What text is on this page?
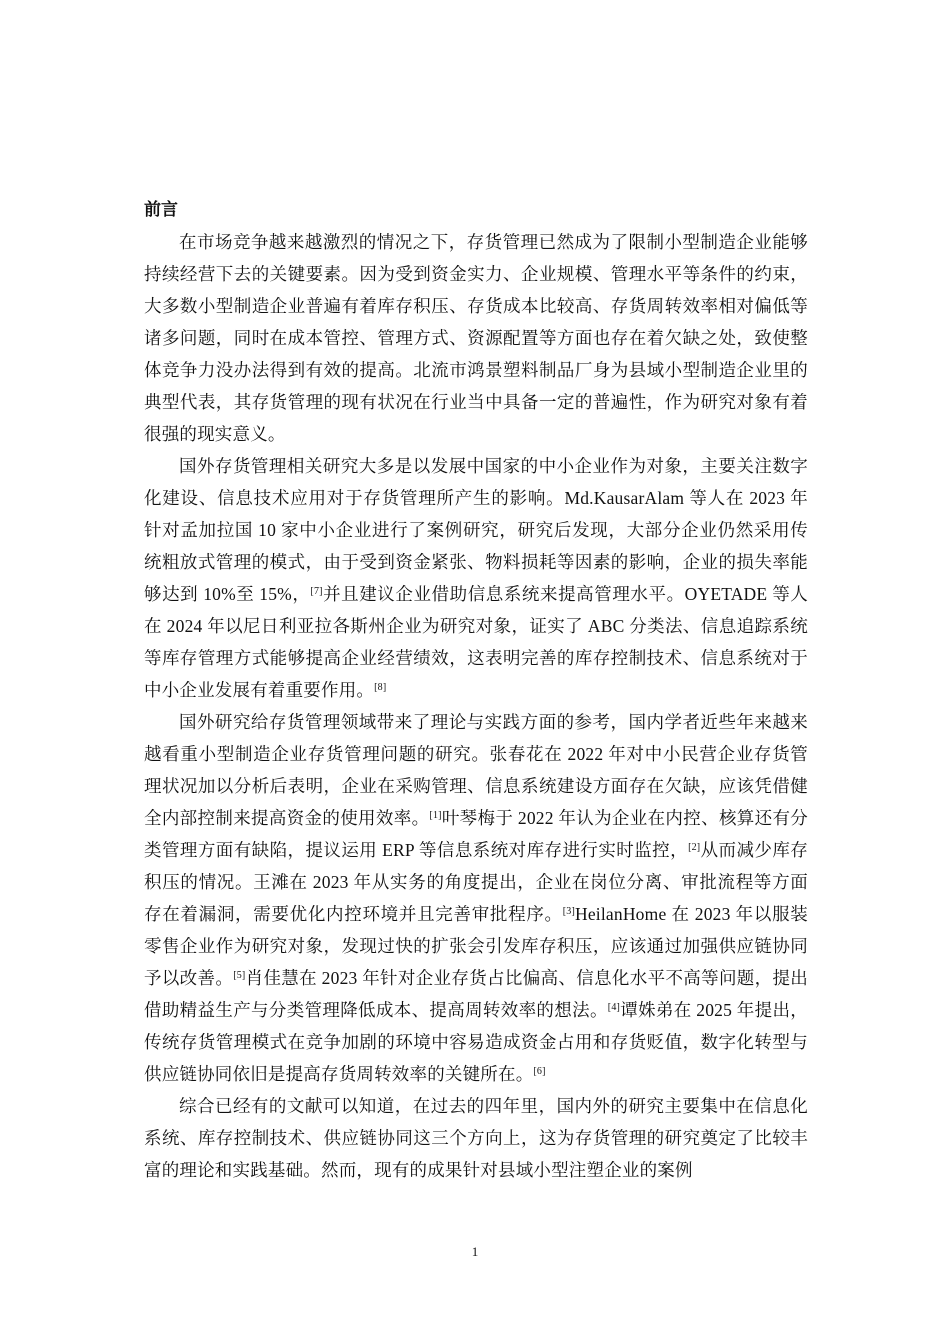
前言

在市场竞争越来越激烈的情况之下，存货管理已然成为了限制小型制造企业能够持续经营下去的关键要素。因为受到资金实力、企业规模、管理水平等条件的约束，大多数小型制造企业普遍有着库存积压、存货成本比较高、存货周转效率相对偏低等诸多问题，同时在成本管控、管理方式、资源配置等方面也存在着欠缺之处，致使整体竞争力没办法得到有效的提高。北流市鸿景塑料制品厂身为县域小型制造企业里的典型代表，其存货管理的现有状况在行业当中具备一定的普遍性，作为研究对象有着很强的现实意义。

国外存货管理相关研究大多是以发展中国家的中小企业作为对象，主要关注数字化建设、信息技术应用对于存货管理所产生的影响。Md.KausarAlam 等人在 2023 年针对孟加拉国 10 家中小企业进行了案例研究，研究后发现，大部分企业仍然采用传统粗放式管理的模式，由于受到资金紧张、物料损耗等因素的影响，企业的损失率能够达到 10%至 15%，[7]并且建议企业借助信息系统来提高管理水平。OYETADE 等人在 2024 年以尼日利亚拉各斯州企业为研究对象，证实了 ABC 分类法、信息追踪系统等库存管理方式能够提高企业经营绩效，这表明完善的库存控制技术、信息系统对于中小企业发展有着重要作用。[8]

国外研究给存货管理领域带来了理论与实践方面的参考，国内学者近些年来越来越看重小型制造企业存货管理问题的研究。张春花在 2022 年对中小民营企业存货管理状况加以分析后表明，企业在采购管理、信息系统建设方面存在欠缺，应该凭借健全内部控制来提高资金的使用效率。[1]叶琴梅于 2022 年认为企业在内控、核算还有分类管理方面有缺陷，提议运用 ERP 等信息系统对库存进行实时监控，[2]从而减少库存积压的情况。王滩在 2023 年从实务的角度提出，企业在岗位分离、审批流程等方面存在着漏洞，需要优化内控环境并且完善审批程序。[3]HeilanHome 在 2023 年以服装零售企业作为研究对象，发现过快的扩张会引发库存积压，应该通过加强供应链协同予以改善。[5]肖佳慧在 2023 年针对企业存货占比偏高、信息化水平不高等问题，提出借助精益生产与分类管理降低成本、提高周转效率的想法。[4]谭姝弟在 2025 年提出，传统存货管理模式在竞争加剧的环境中容易造成资金占用和存货贬值，数字化转型与供应链协同依旧是提高存货周转效率的关键所在。[6]

综合已经有的文献可以知道，在过去的四年里，国内外的研究主要集中在信息化系统、库存控制技术、供应链协同这三个方向上，这为存货管理的研究奠定了比较丰富的理论和实践基础。然而，现有的成果针对县域小型注塑企业的案例

1
